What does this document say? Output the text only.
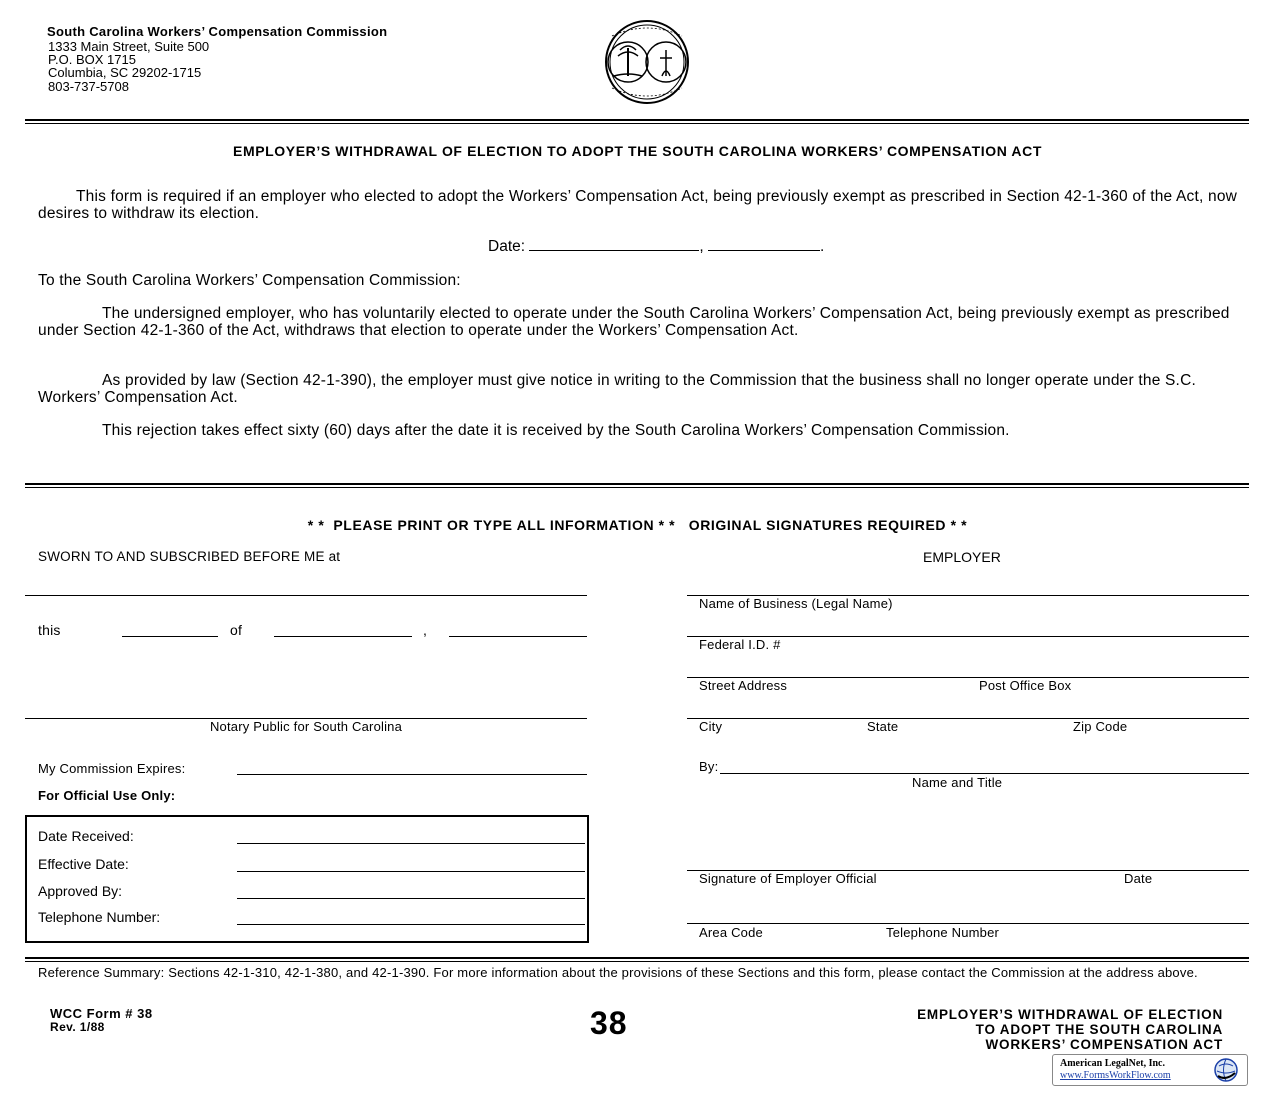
South Carolina Workers’ Compensation Commission
1333 Main Street, Suite 500
P.O. BOX 1715
Columbia, SC 29202-1715
803-737-5708
EMPLOYER’S WITHDRAWAL OF ELECTION TO ADOPT THE SOUTH CAROLINA WORKERS’ COMPENSATION ACT
This form is required if an employer who elected to adopt the Workers’ Compensation Act, being previously exempt as prescribed in Section 42-1-360 of the Act, now desires to withdraw its election.
Date:	,	.
To the South Carolina Workers’ Compensation Commission:
The undersigned employer, who has voluntarily elected to operate under the South Carolina Workers’ Compensation Act, being previously exempt as prescribed under Section 42-1-360 of the Act, withdraws that election to operate under the Workers’ Compensation Act.
As provided by law (Section 42-1-390), the employer must give notice in writing to the Commission that the business shall no longer operate under the S.C. Workers’ Compensation Act.
This rejection takes effect sixty (60) days after the date it is received by the South Carolina Workers’ Compensation Commission.
* *  PLEASE PRINT OR TYPE ALL INFORMATION * *   ORIGINAL SIGNATURES REQUIRED * *
SWORN TO AND SUBSCRIBED BEFORE ME at
this	of	,
Notary Public for South Carolina
My Commission Expires:
For Official Use Only:
Date Received:
Effective Date:
Approved By:
Telephone Number:
EMPLOYER
Name of Business (Legal Name)
Federal I.D. #
Street Address	Post Office Box
City	State	Zip Code
By:
Name and Title
Signature of Employer Official	Date
Area Code	Telephone Number
Reference Summary: Sections 42-1-310, 42-1-380, and 42-1-390. For more information about the provisions of these Sections and this form, please contact the Commission at the address above.
WCC Form # 38
Rev. 1/88	38	EMPLOYER’S WITHDRAWAL OF ELECTION
TO ADOPT THE SOUTH CAROLINA
WORKERS’ COMPENSATION ACT
American LegalNet, Inc.
www.FormsWorkFlow.com
